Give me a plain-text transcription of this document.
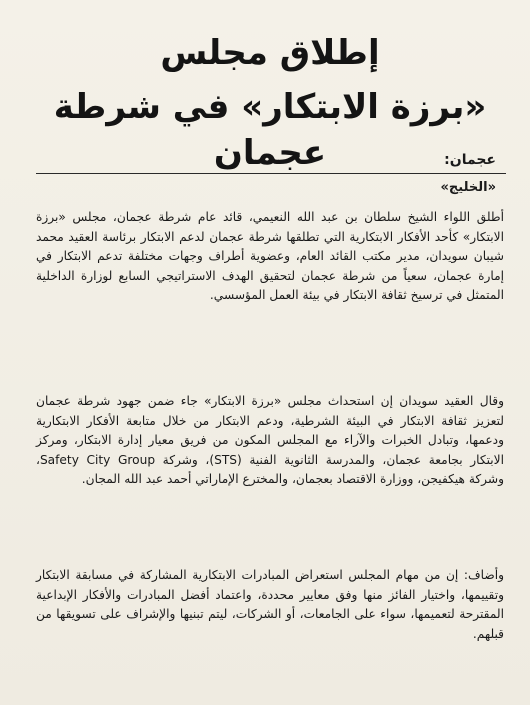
إطلاق مجلس
«برزة الابتكار» في شرطة عجمان	عجمان:
«الخليج»

أطلق اللواء الشيخ سلطان بن عبد الله النعيمي، قائد عام شرطة عجمان، مجلس «برزة الابتكار» كأحد الأفكار الابتكارية التي تطلقها شرطة عجمان لدعم الابتكار برئاسة العقيد محمد شيبان سويدان، مدير مكتب القائد العام، وعضوية أطراف وجهات مختلفة تدعم الابتكار في إمارة عجمان، سعياً من شرطة عجمان لتحقيق الهدف الاستراتيجي السابع لوزارة الداخلية المتمثل في ترسيخ ثقافة الابتكار في بيئة العمل المؤسسي.

وقال العقيد سويدان إن استحداث مجلس «برزة الابتكار» جاء ضمن جهود شرطة عجمان لتعزيز ثقافة الابتكار في البيئة الشرطية، ودعم الابتكار من خلال متابعة الأفكار الابتكارية ودعمها، وتبادل الخبرات والآراء مع المجلس المكون من فريق معيار إدارة الابتكار، ومركز الابتكار بجامعة عجمان، والمدرسة الثانوية الفنية (STS)، وشركة Safety City Group، وشركة هيكفيجن، ووزارة الاقتصاد بعجمان، والمخترع الإماراتي أحمد عبد الله المجان.

وأضاف: إن من مهام المجلس استعراض المبادرات الابتكارية المشاركة في مسابقة الابتكار وتقييمها، واختيار الفائز منها وفق معايير محددة، واعتماد أفضل المبادرات والأفكار الإبداعية المقترحة لتعميمها، سواء على الجامعات، أو الشركات، ليتم تبنيها والإشراف على تسويقها من قبلهم.
